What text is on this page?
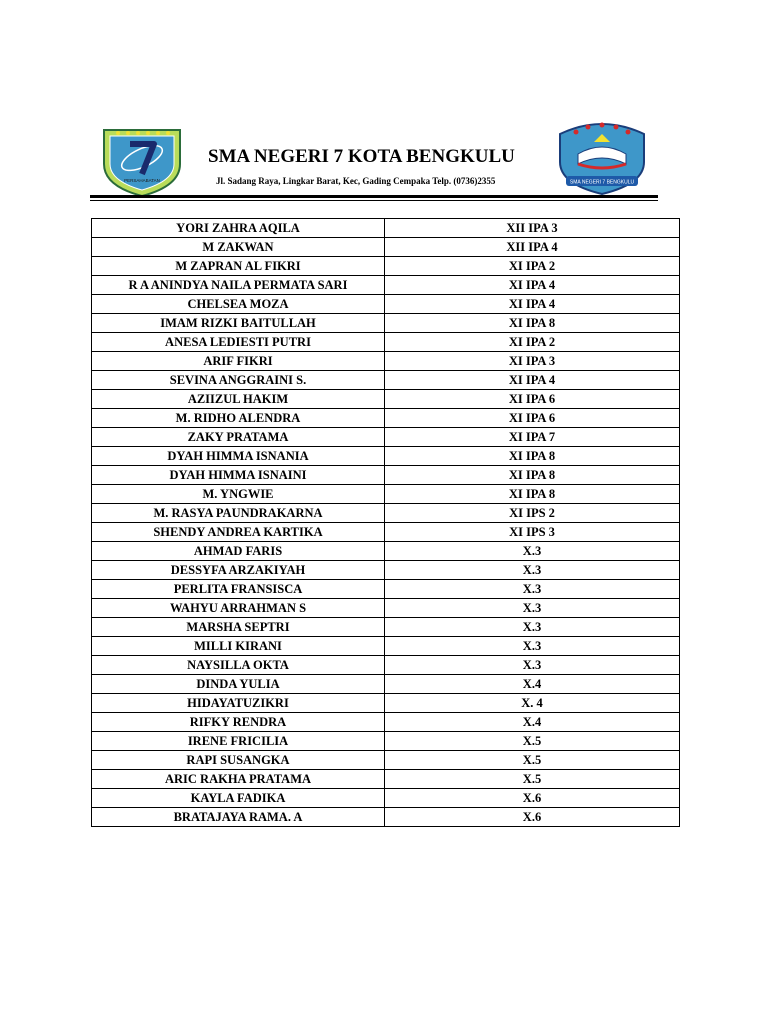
PERSAHABATAN
SMA NEGERI 7 KOTA BENGKULU
Jl. Sadang Raya, Lingkar Barat, Kec, Gading Cempaka Telp. (0736)2355	SMA NEGERI 7 BENGKULU
YORI ZAHRA AQILA	XII IPA 3
M ZAKWAN	XII IPA 4
M ZAPRAN AL FIKRI	XI IPA 2
R A ANINDYA NAILA PERMATA SARI	XI IPA 4
CHELSEA MOZA	XI IPA 4
IMAM RIZKI BAITULLAH	XI IPA 8
ANESA LEDIESTI PUTRI	XI IPA 2
ARIF FIKRI	XI IPA 3
SEVINA ANGGRAINI S.	XI IPA 4
AZIIZUL HAKIM	XI IPA 6
M. RIDHO ALENDRA	XI IPA 6
ZAKY PRATAMA	XI IPA 7
DYAH HIMMA ISNANIA	XI IPA 8
DYAH HIMMA ISNAINI	XI IPA 8
M. YNGWIE	XI IPA 8
M. RASYA PAUNDRAKARNA	XI IPS 2
SHENDY ANDREA KARTIKA	XI IPS 3
AHMAD FARIS	X.3
DESSYFA ARZAKIYAH	X.3
PERLITA FRANSISCA	X.3
WAHYU ARRAHMAN S	X.3
MARSHA SEPTRI	X.3
MILLI KIRANI	X.3
NAYSILLA OKTA	X.3
DINDA YULIA	X.4
HIDAYATUZIKRI	X. 4
RIFKY RENDRA	X.4
IRENE FRICILIA	X.5
RAPI SUSANGKA	X.5
ARIC RAKHA PRATAMA	X.5
KAYLA FADIKA	X.6
BRATAJAYA RAMA. A	X.6
